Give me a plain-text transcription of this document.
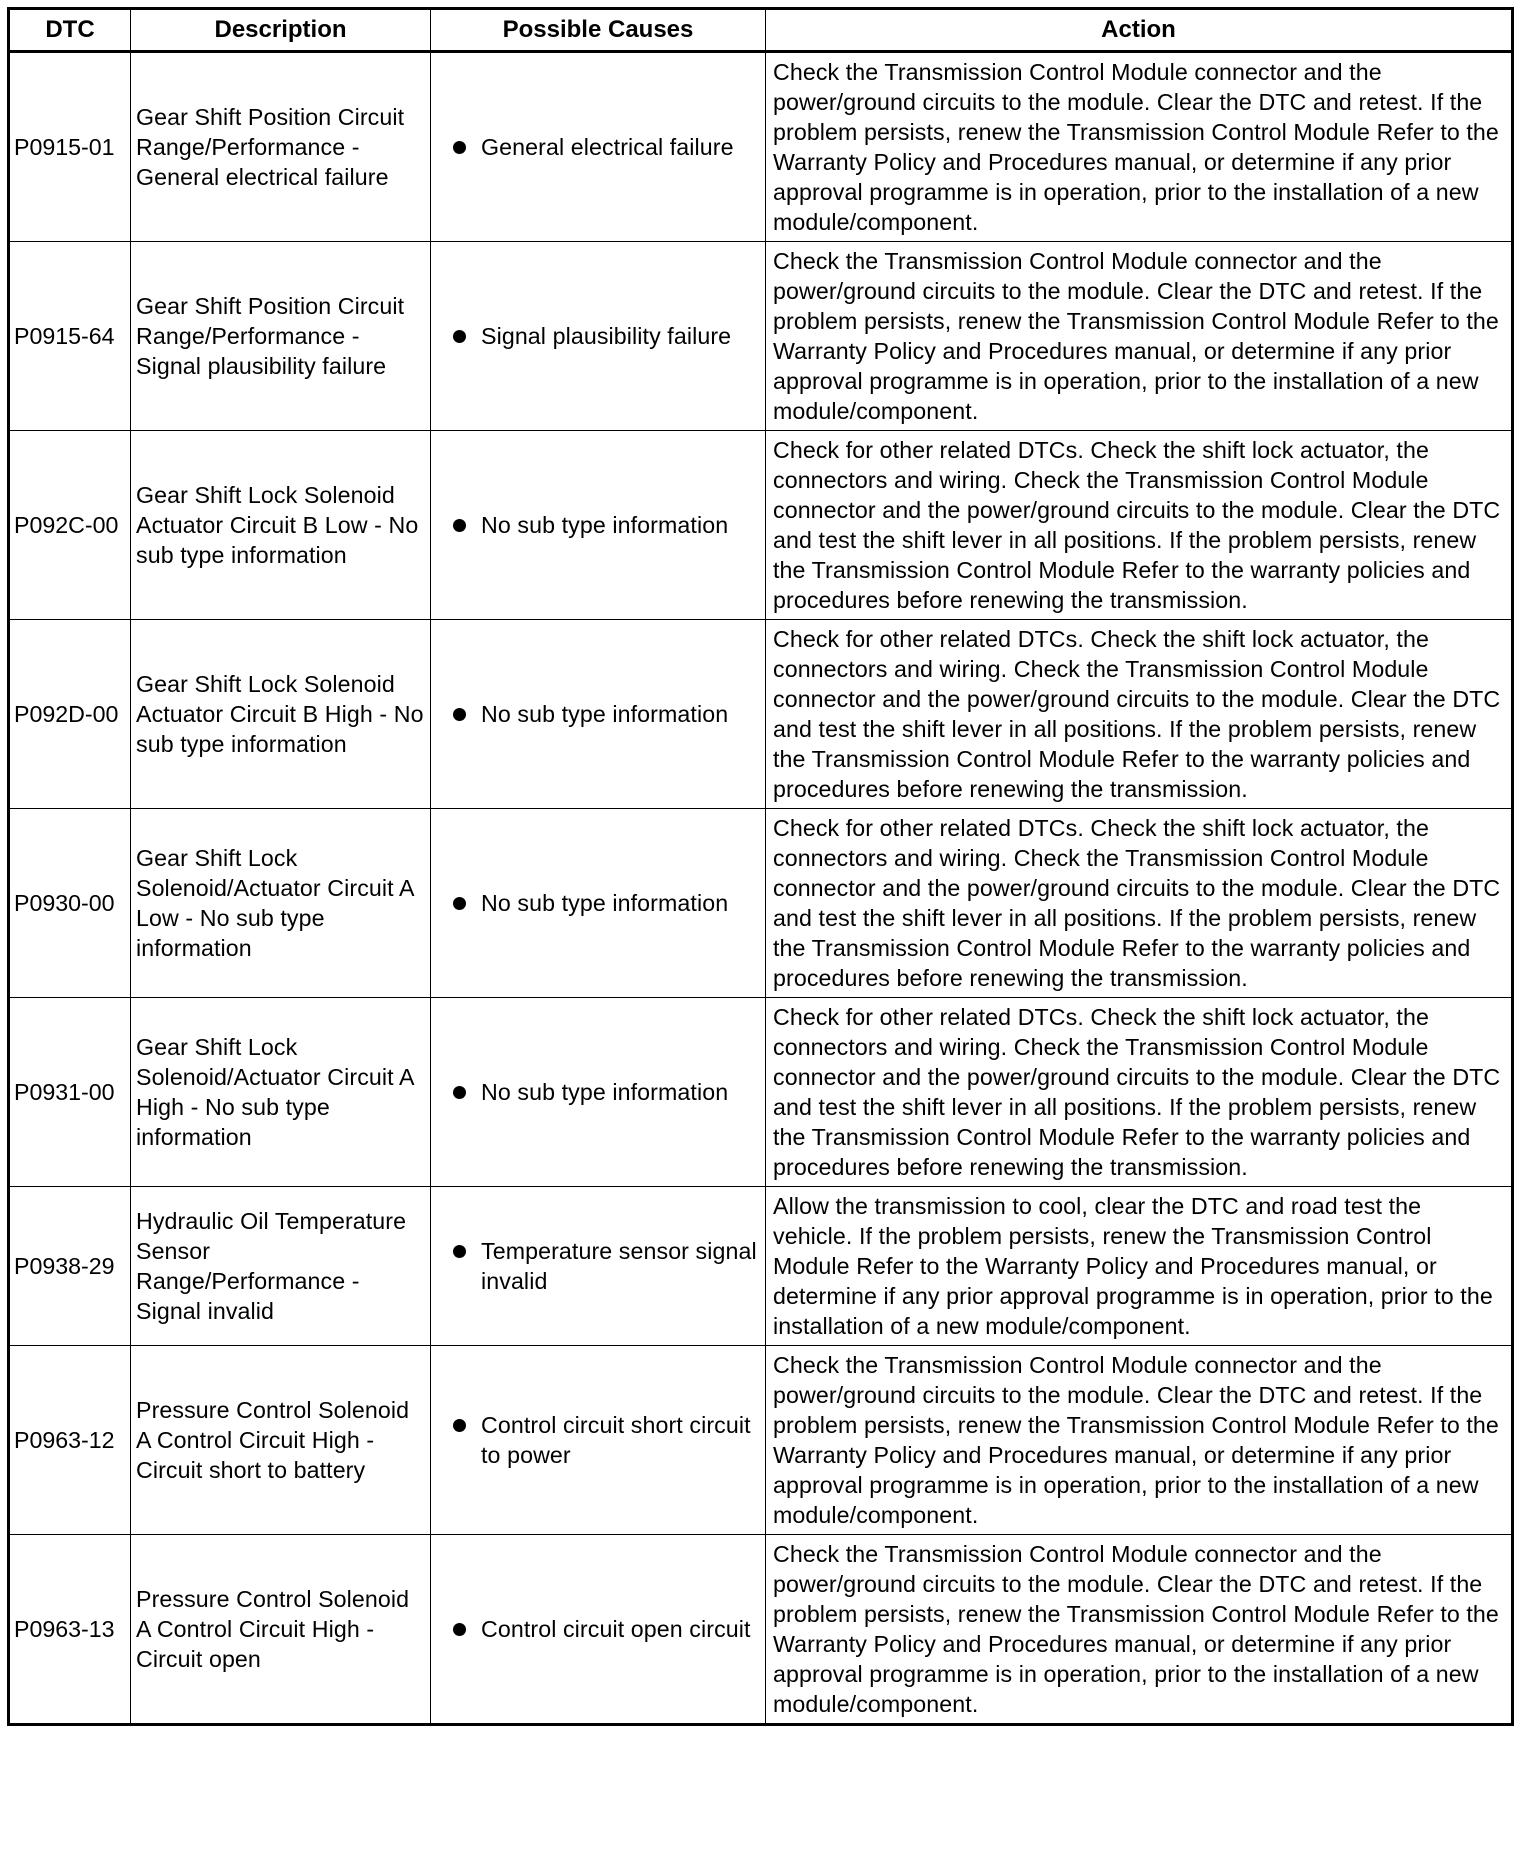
DTC	Description	Possible Causes	Action
P0915-01	Gear Shift Position Circuit Range/Performance - General electrical failure	General electrical failure	Check the Transmission Control Module connector and the power/ground circuits to the module. Clear the DTC and retest. If the problem persists, renew the Transmission Control Module Refer to the Warranty Policy and Procedures manual, or determine if any prior approval programme is in operation, prior to the installation of a new module/component.
P0915-64	Gear Shift Position Circuit Range/Performance - Signal plausibility failure	Signal plausibility failure	Check the Transmission Control Module connector and the power/ground circuits to the module. Clear the DTC and retest. If the problem persists, renew the Transmission Control Module Refer to the Warranty Policy and Procedures manual, or determine if any prior approval programme is in operation, prior to the installation of a new module/component.
P092C-00	Gear Shift Lock Solenoid Actuator Circuit B Low - No sub type information	No sub type information	Check for other related DTCs. Check the shift lock actuator, the connectors and wiring. Check the Transmission Control Module connector and the power/ground circuits to the module. Clear the DTC and test the shift lever in all positions. If the problem persists, renew the Transmission Control Module Refer to the warranty policies and procedures before renewing the transmission.
P092D-00	Gear Shift Lock Solenoid Actuator Circuit B High - No sub type information	No sub type information	Check for other related DTCs. Check the shift lock actuator, the connectors and wiring. Check the Transmission Control Module connector and the power/ground circuits to the module. Clear the DTC and test the shift lever in all positions. If the problem persists, renew the Transmission Control Module Refer to the warranty policies and procedures before renewing the transmission.
P0930-00	Gear Shift Lock Solenoid/Actuator Circuit A Low - No sub type information	No sub type information	Check for other related DTCs. Check the shift lock actuator, the connectors and wiring. Check the Transmission Control Module connector and the power/ground circuits to the module. Clear the DTC and test the shift lever in all positions. If the problem persists, renew the Transmission Control Module Refer to the warranty policies and procedures before renewing the transmission.
P0931-00	Gear Shift Lock Solenoid/Actuator Circuit A High - No sub type information	No sub type information	Check for other related DTCs. Check the shift lock actuator, the connectors and wiring. Check the Transmission Control Module connector and the power/ground circuits to the module. Clear the DTC and test the shift lever in all positions. If the problem persists, renew the Transmission Control Module Refer to the warranty policies and procedures before renewing the transmission.
P0938-29	Hydraulic Oil Temperature Sensor Range/Performance - Signal invalid	Temperature sensor signal invalid	Allow the transmission to cool, clear the DTC and road test the vehicle. If the problem persists, renew the Transmission Control Module Refer to the Warranty Policy and Procedures manual, or determine if any prior approval programme is in operation, prior to the installation of a new module/component.
P0963-12	Pressure Control Solenoid A Control Circuit High - Circuit short to battery	Control circuit short circuit to power	Check the Transmission Control Module connector and the power/ground circuits to the module. Clear the DTC and retest. If the problem persists, renew the Transmission Control Module Refer to the Warranty Policy and Procedures manual, or determine if any prior approval programme is in operation, prior to the installation of a new module/component.
P0963-13	Pressure Control Solenoid A Control Circuit High - Circuit open	Control circuit open circuit	Check the Transmission Control Module connector and the power/ground circuits to the module. Clear the DTC and retest. If the problem persists, renew the Transmission Control Module Refer to the Warranty Policy and Procedures manual, or determine if any prior approval programme is in operation, prior to the installation of a new module/component.
